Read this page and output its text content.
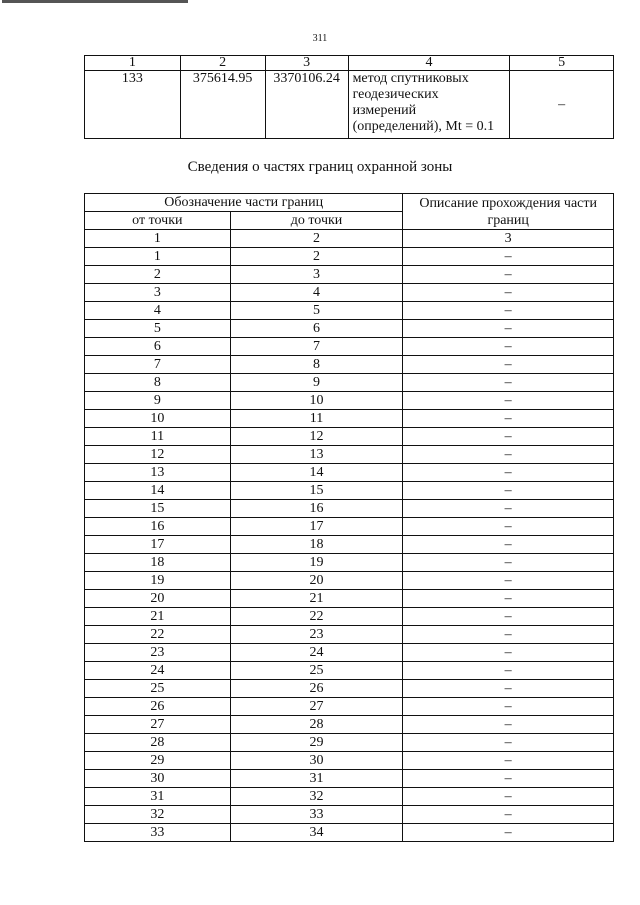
311
1	2	3	4	5
133	375614.95	3370106.24	метод спутниковых
геодезических
измерений
(определений), Mt = 0.1	–
Сведения о частях границ охранной зоны
Обозначение части границ		Описание прохождения части границ
от точки	до точки	
1	2	3
1	2	–
2	3	–
3	4	–
4	5	–
5	6	–
6	7	–
7	8	–
8	9	–
9	10	–
10	11	–
11	12	–
12	13	–
13	14	–
14	15	–
15	16	–
16	17	–
17	18	–
18	19	–
19	20	–
20	21	–
21	22	–
22	23	–
23	24	–
24	25	–
25	26	–
26	27	–
27	28	–
28	29	–
29	30	–
30	31	–
31	32	–
32	33	–
33	34	–
